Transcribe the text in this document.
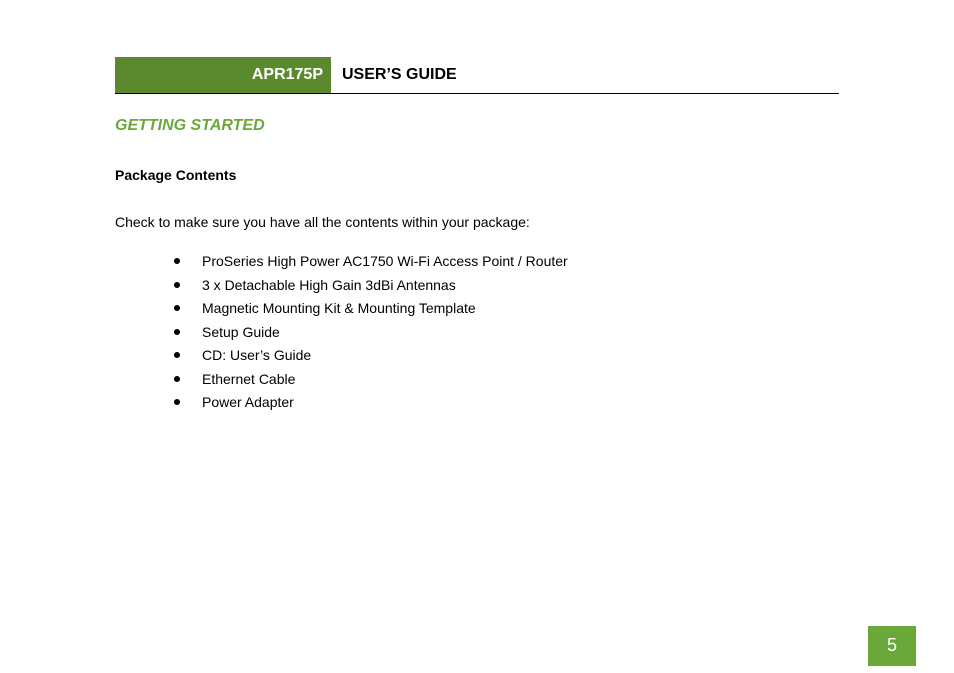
APR175P	USER’S GUIDE
GETTING STARTED
Package Contents
Check to make sure you have all the contents within your package:
ProSeries High Power AC1750 Wi-Fi Access Point / Router
3 x Detachable High Gain 3dBi Antennas
Magnetic Mounting Kit & Mounting Template
Setup Guide
CD: User’s Guide
Ethernet Cable
Power Adapter
5
